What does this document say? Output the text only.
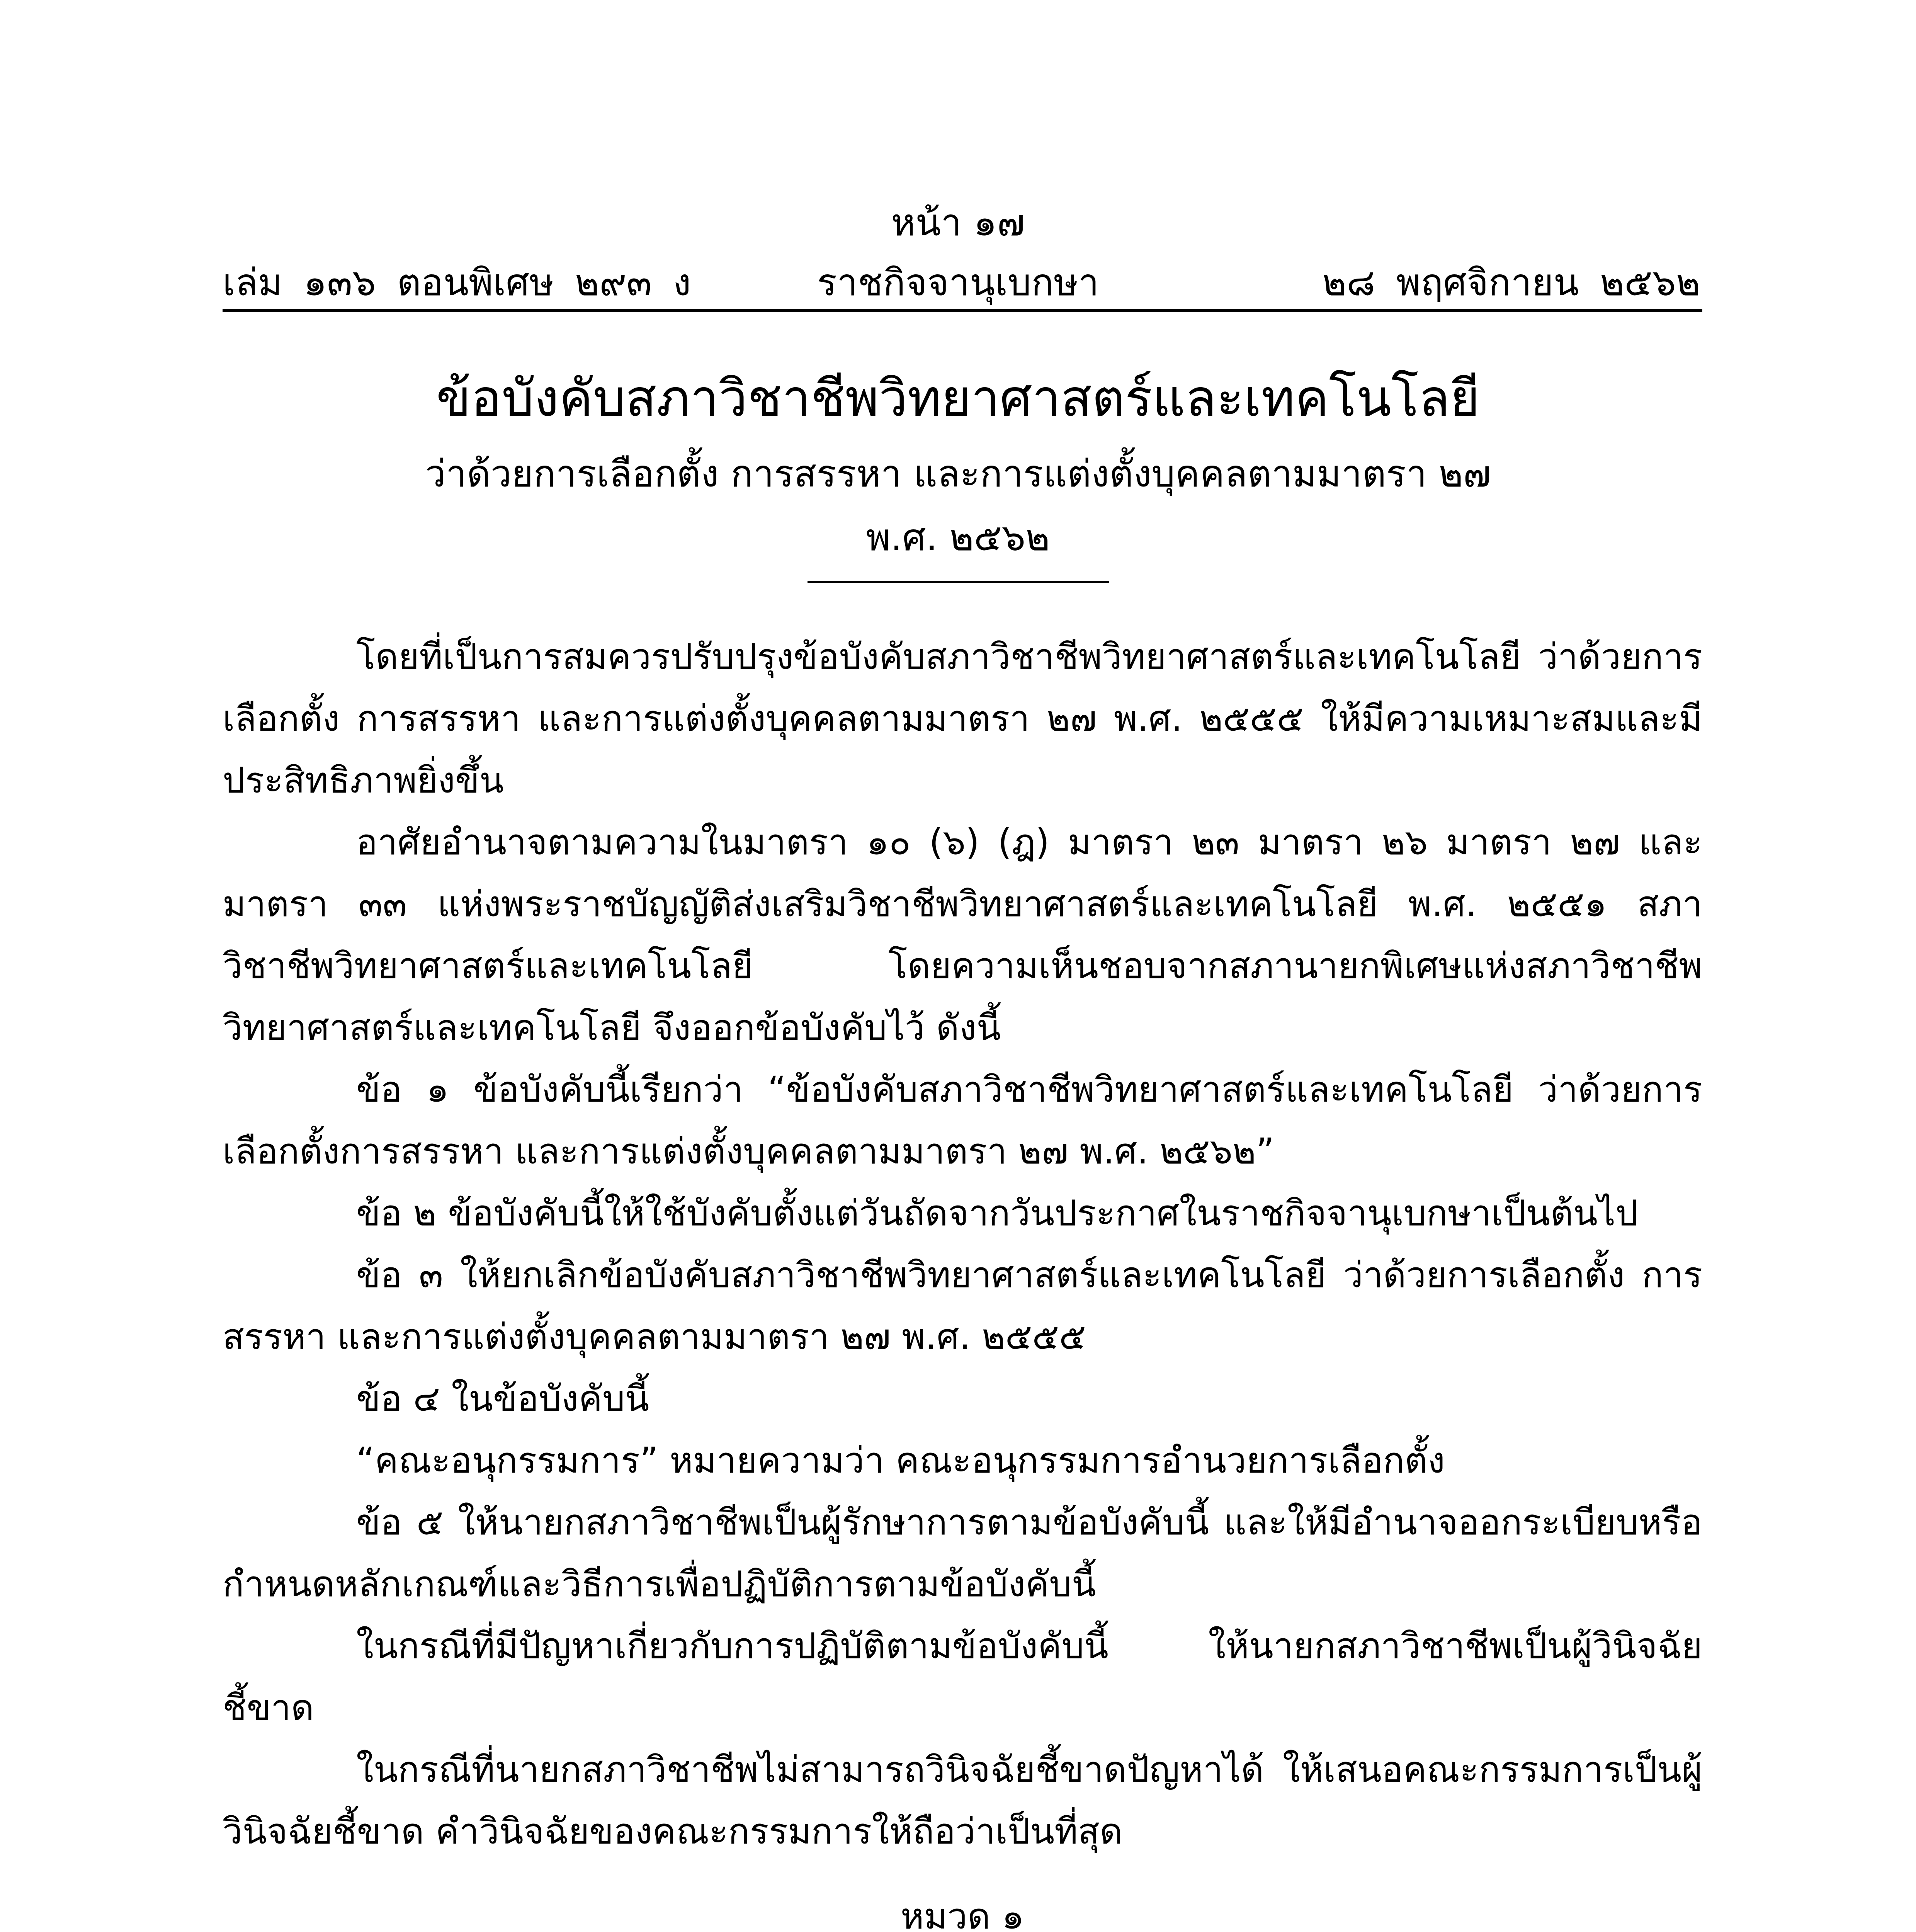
หน้า ๑๗
เล่ม ๑๓๖ ตอนพิเศษ ๒๙๓ ง	ราชกิจจานุเบกษา	๒๘ พฤศจิกายน ๒๕๖๒
ข้อบังคับสภาวิชาชีพวิทยาศาสตร์และเทคโนโลยี
ว่าด้วยการเลือกตั้ง การสรรหา และการแต่งตั้งบุคคลตามมาตรา ๒๗
พ.ศ. ๒๕๖๒

โดยที่เป็นการสมควรปรับปรุงข้อบังคับสภาวิชาชีพวิทยาศาสตร์และเทคโนโลยี ว่าด้วยการเลือกตั้ง การสรรหา และการแต่งตั้งบุคคลตามมาตรา ๒๗ พ.ศ. ๒๕๕๕ ให้มีความเหมาะสมและมีประสิทธิภาพยิ่งขึ้น

อาศัยอำนาจตามความในมาตรา ๑๐ (๖) (ฎ) มาตรา ๒๓ มาตรา ๒๖ มาตรา ๒๗ และมาตรา ๓๓ แห่งพระราชบัญญัติส่งเสริมวิชาชีพวิทยาศาสตร์และเทคโนโลยี พ.ศ. ๒๕๕๑ สภาวิชาชีพวิทยาศาสตร์และเทคโนโลยี โดยความเห็นชอบจากสภานายกพิเศษแห่งสภาวิชาชีพวิทยาศาสตร์และเทคโนโลยี จึงออกข้อบังคับไว้ ดังนี้

ข้อ ๑ ข้อบังคับนี้เรียกว่า “ข้อบังคับสภาวิชาชีพวิทยาศาสตร์และเทคโนโลยี ว่าด้วยการเลือกตั้งการสรรหา และการแต่งตั้งบุคคลตามมาตรา ๒๗ พ.ศ. ๒๕๖๒”

ข้อ ๒ ข้อบังคับนี้ให้ใช้บังคับตั้งแต่วันถัดจากวันประกาศในราชกิจจานุเบกษาเป็นต้นไป

ข้อ ๓ ให้ยกเลิกข้อบังคับสภาวิชาชีพวิทยาศาสตร์และเทคโนโลยี ว่าด้วยการเลือกตั้ง การสรรหา และการแต่งตั้งบุคคลตามมาตรา ๒๗ พ.ศ. ๒๕๕๕

ข้อ ๔ ในข้อบังคับนี้

“คณะอนุกรรมการ” หมายความว่า คณะอนุกรรมการอำนวยการเลือกตั้ง

ข้อ ๕ ให้นายกสภาวิชาชีพเป็นผู้รักษาการตามข้อบังคับนี้ และให้มีอำนาจออกระเบียบหรือกำหนดหลักเกณฑ์และวิธีการเพื่อปฏิบัติการตามข้อบังคับนี้

ในกรณีที่มีปัญหาเกี่ยวกับการปฏิบัติตามข้อบังคับนี้ ให้นายกสภาวิชาชีพเป็นผู้วินิจฉัยชี้ขาด

ในกรณีที่นายกสภาวิชาชีพไม่สามารถวินิจฉัยชี้ขาดปัญหาได้ ให้เสนอคณะกรรมการเป็นผู้วินิจฉัยชี้ขาด คำวินิจฉัยของคณะกรรมการให้ถือว่าเป็นที่สุด

หมวด ๑
